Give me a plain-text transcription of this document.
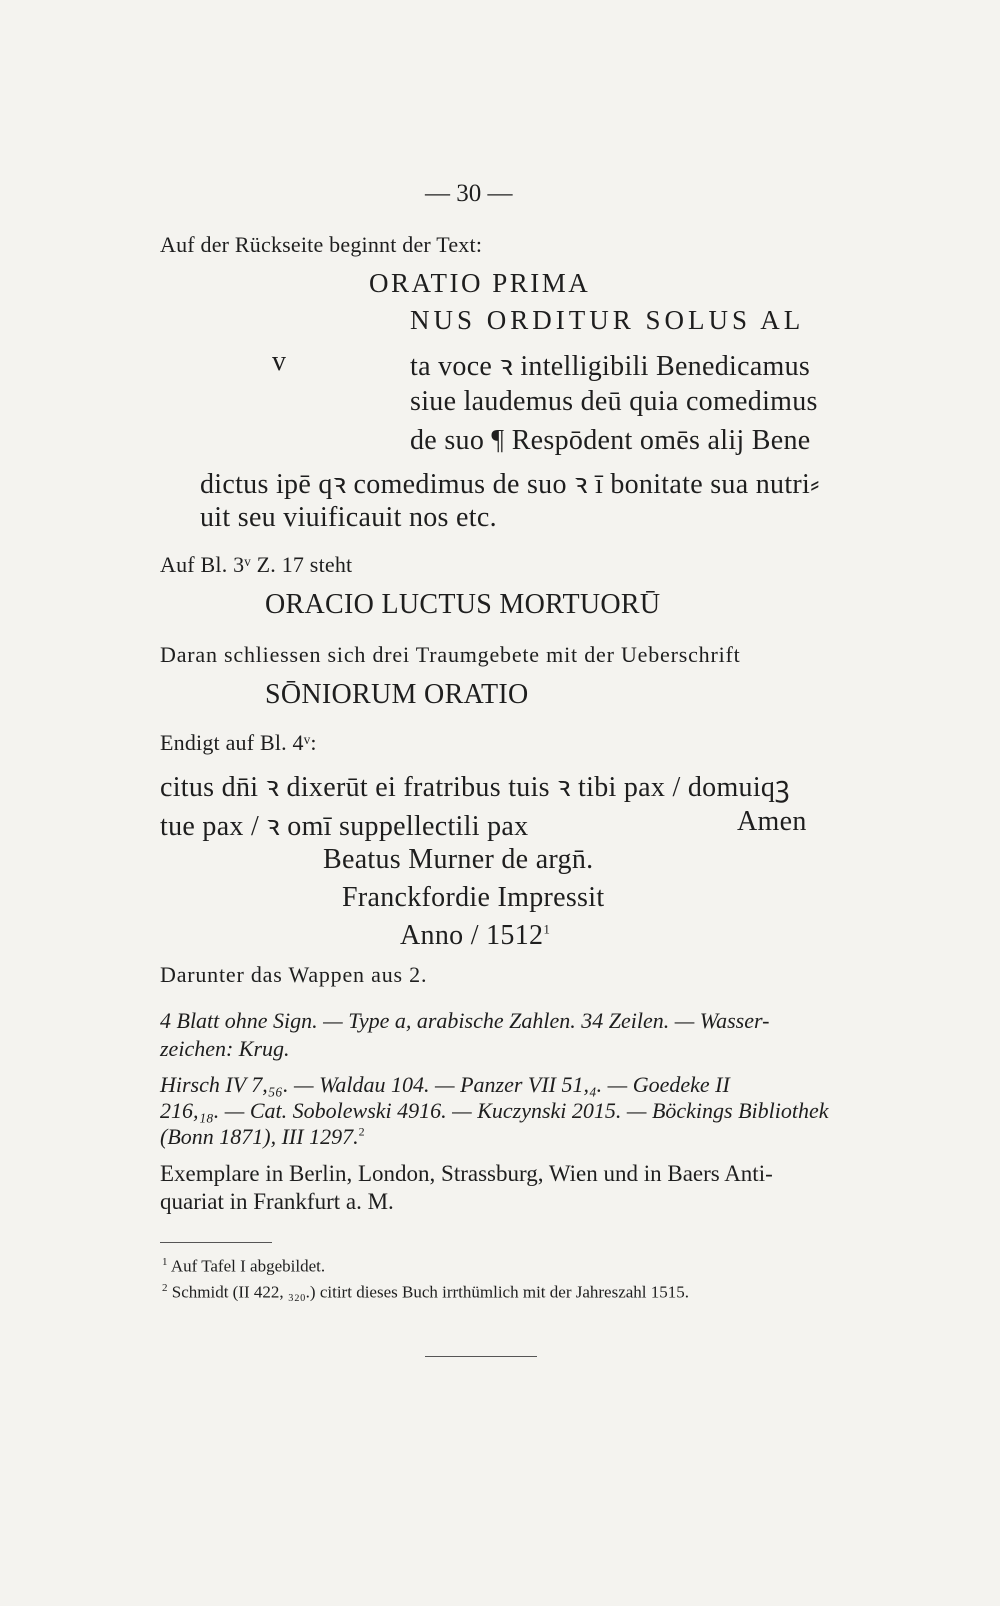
— 30 —
Auf der Rückseite beginnt der Text:
ORATIO PRIMA
NUS ORDITUR SOLUS AL
v	ta voce ꝛ intelligibili Benedicamus
siue laudemus deū quia comedimus
de suo ¶ Respōdent omēs alij Bene
dictus ipē qꝛ comedimus de suo ꝛ ī bonitate sua nutri⸗
uit seu viuificauit nos etc.
Auf Bl. 3ᵛ Z. 17 steht
ORACIO LUCTUS MORTUORŪ
Daran schliessen sich drei Traumgebete mit der Ueberschrift
SŌNIORUM ORATIO
Endigt auf Bl. 4ᵛ:
citus dn̄i ꝛ dixerūt ei fratribus tuis ꝛ tibi pax / domuiqꝫ
tue pax / ꝛ omī suppellectili pax	Amen
Beatus Murner de argn̄.
Franckfordie Impressit
Anno / 1512$^1$
Darunter das Wappen aus 2.
4 Blatt ohne Sign. — Type a, arabische Zahlen. 34 Zeilen. — Wasser-
zeichen: Krug.
Hirsch IV 7,₅₆. — Waldau 104. — Panzer VII 51,₄. — Goedeke II
216,₁₈. — Cat. Sobolewski 4916. — Kuczynski 2015. — Böckings Bibliothek
(Bonn 1871), III 1297.$^2$
Exemplare in Berlin, London, Strassburg, Wien und in Baers Anti-
quariat in Frankfurt a. M.
$^1$ Auf Tafel I abgebildet.
$^2$ Schmidt (II 422, ₃₂₀.) citirt dieses Buch irrthümlich mit der Jahreszahl 1515.
